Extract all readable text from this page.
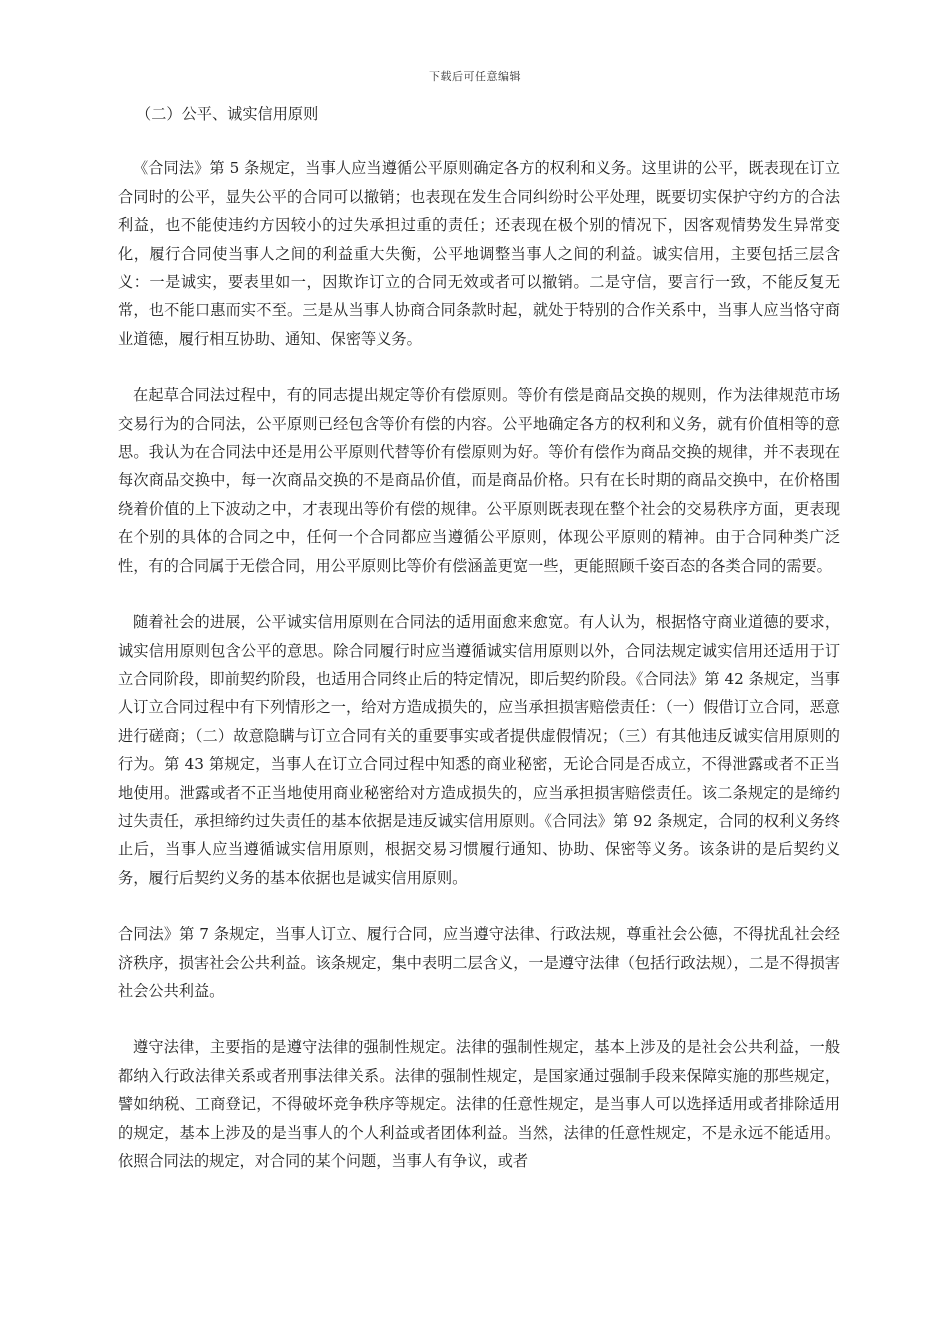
下载后可任意编辑
（二）公平、诚实信用原则

《合同法》第 5 条规定，当事人应当遵循公平原则确定各方的权利和义务。这里讲的公平，既表现在订立合同时的公平，显失公平的合同可以撤销；也表现在发生合同纠纷时公平处理，既要切实保护守约方的合法利益，也不能使违约方因较小的过失承担过重的责任；还表现在极个别的情况下，因客观情势发生异常变化，履行合同使当事人之间的利益重大失衡，公平地调整当事人之间的利益。诚实信用，主要包括三层含义：一是诚实，要表里如一，因欺诈订立的合同无效或者可以撤销。二是守信，要言行一致，不能反复无常，也不能口惠而实不至。三是从当事人协商合同条款时起，就处于特别的合作关系中，当事人应当恪守商业道德，履行相互协助、通知、保密等义务。

在起草合同法过程中，有的同志提出规定等价有偿原则。等价有偿是商品交换的规则，作为法律规范市场交易行为的合同法，公平原则已经包含等价有偿的内容。公平地确定各方的权利和义务，就有价值相等的意思。我认为在合同法中还是用公平原则代替等价有偿原则为好。等价有偿作为商品交换的规律，并不表现在每次商品交换中，每一次商品交换的不是商品价值，而是商品价格。只有在长时期的商品交换中，在价格围绕着价值的上下波动之中，才表现出等价有偿的规律。公平原则既表现在整个社会的交易秩序方面，更表现在个别的具体的合同之中，任何一个合同都应当遵循公平原则，体现公平原则的精神。由于合同种类广泛性，有的合同属于无偿合同，用公平原则比等价有偿涵盖更宽一些，更能照顾千姿百态的各类合同的需要。

随着社会的进展，公平诚实信用原则在合同法的适用面愈来愈宽。有人认为，根据恪守商业道德的要求，诚实信用原则包含公平的意思。除合同履行时应当遵循诚实信用原则以外，合同法规定诚实信用还适用于订立合同阶段，即前契约阶段，也适用合同终止后的特定情况，即后契约阶段。《合同法》第 42 条规定，当事人订立合同过程中有下列情形之一，给对方造成损失的，应当承担损害赔偿责任：（一）假借订立合同，恶意进行磋商；（二）故意隐瞒与订立合同有关的重要事实或者提供虚假情况；（三）有其他违反诚实信用原则的行为。第 43 第规定，当事人在订立合同过程中知悉的商业秘密，无论合同是否成立，不得泄露或者不正当地使用。泄露或者不正当地使用商业秘密给对方造成损失的，应当承担损害赔偿责任。该二条规定的是缔约过失责任，承担缔约过失责任的基本依据是违反诚实信用原则。《合同法》第 92 条规定，合同的权利义务终止后，当事人应当遵循诚实信用原则，根据交易习惯履行通知、协助、保密等义务。该条讲的是后契约义务，履行后契约义务的基本依据也是诚实信用原则。

合同法》第 7 条规定，当事人订立、履行合同，应当遵守法律、行政法规，尊重社会公德，不得扰乱社会经济秩序，损害社会公共利益。该条规定，集中表明二层含义，一是遵守法律（包括行政法规），二是不得损害社会公共利益。

遵守法律，主要指的是遵守法律的强制性规定。法律的强制性规定，基本上涉及的是社会公共利益，一般都纳入行政法律关系或者刑事法律关系。法律的强制性规定，是国家通过强制手段来保障实施的那些规定，譬如纳税、工商登记，不得破坏竞争秩序等规定。法律的任意性规定，是当事人可以选择适用或者排除适用的规定，基本上涉及的是当事人的个人利益或者团体利益。当然，法律的任意性规定，不是永远不能适用。依照合同法的规定，对合同的某个问题，当事人有争议，或者
